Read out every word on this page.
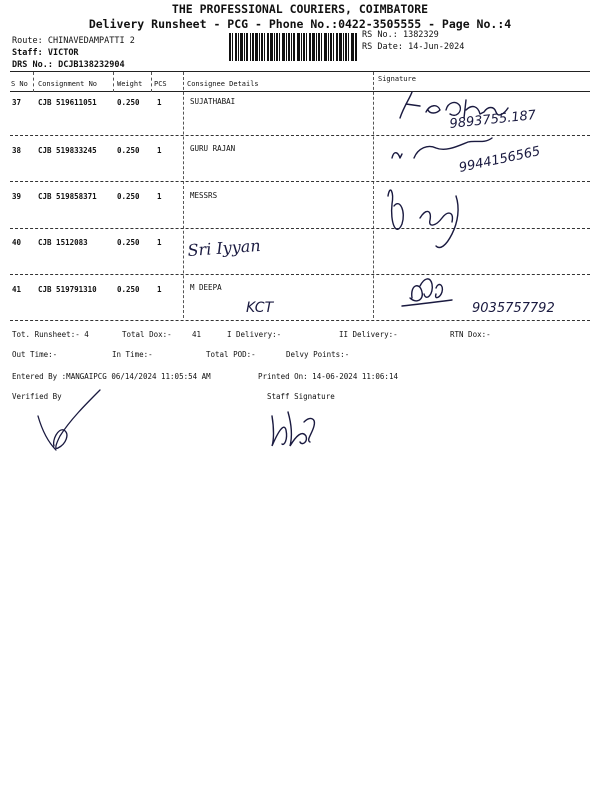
THE PROFESSIONAL COURIERS, COIMBATORE
Delivery Runsheet - PCG - Phone No.:0422-3505555 - Page No.:4
Route: CHINAVEDAMPATTI 2
Staff: VICTOR
DRS No.: DCJB138232904
RS No.: 1382329
RS Date: 14-Jun-2024
S No Consignment No	Weight PCS	Consignee Details
Signature
37 CJB 519611051	0.250 1	SUJATHABAI
38 CJB 519833245	0.250 1	GURU RAJAN
39 CJB 519858371	0.250 1	MESSRS
40 CJB 1512083	0.250 1
41 CJB 519791310	0.250 1	M DEEPA
9893755.187
9944156565
9035757792
Sri Iyyan
KCT
Tot. Runsheet:- 4	Total Dox:-	41	I Delivery:-	II Delivery:-	RTN Dox:-
Out Time:-	In Time:-	Total POD:-	Delvy Points:-
Entered By :MANGAIPCG 06/14/2024 11:05:54 AM	Printed On: 14-06-2024 11:06:14
Verified By	Staff Signature
